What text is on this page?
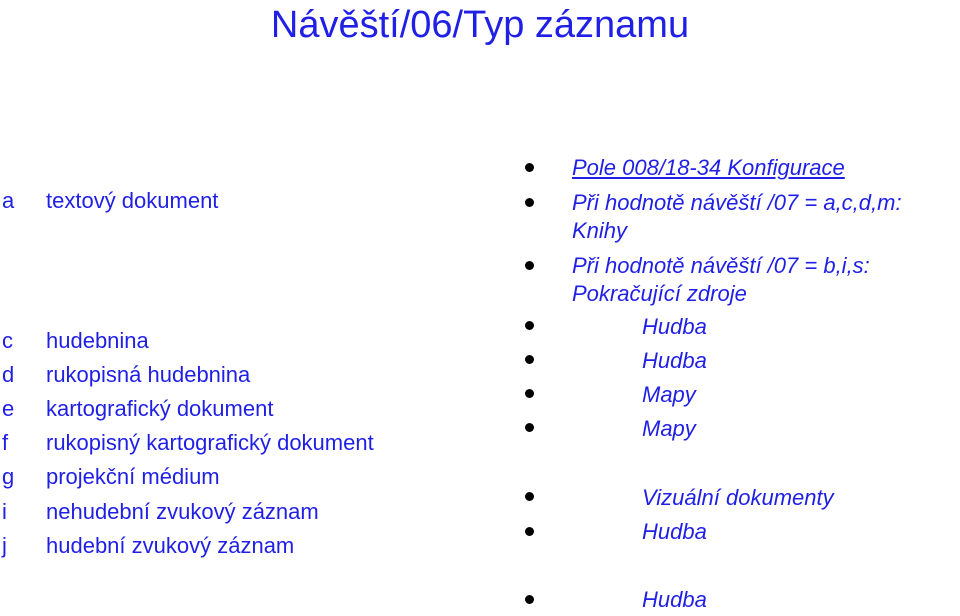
Návěští/06/Typ záznamu
a	textový dokument
c	hudebnina
d	rukopisná hudebnina
e	kartografický dokument
f	rukopisný kartografický dokument
g	projekční médium
i	nehudební zvukový záznam
j	hudební zvukový záznam
Pole 008/18-34 Konfigurace
Při hodnotě návěští /07 = a,c,d,m:
Knihy
Při hodnotě návěští /07 = b,i,s:
Pokračující zdroje
Hudba
Hudba
Mapy
Mapy
Vizuální dokumenty
Hudba
Hudba
